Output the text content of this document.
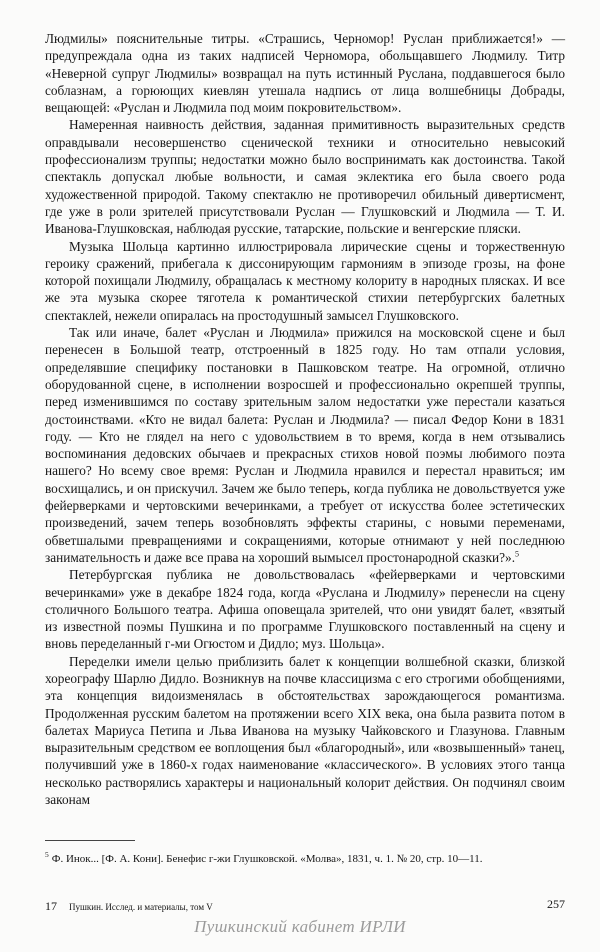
Людмилы» пояснительные титры. «Страшись, Черномор! Руслан приближается!» — предупреждала одна из таких надписей Черномора, обольщавшего Людмилу. Титр «Неверной супруг Людмилы» возвращал на путь истинный Руслана, поддавшегося было соблазнам, а горюющих киевлян утешала надпись от лица волшебницы Добрады, вещающей: «Руслан и Людмила под моим покровительством».

Намеренная наивность действия, заданная примитивность выразительных средств оправдывали несовершенство сценической техники и относительно невысокий профессионализм труппы; недостатки можно было воспринимать как достоинства. Такой спектакль допускал любые вольности, и самая эклектика его была своего рода художественной природой. Такому спектаклю не противоречил обильный дивертисмент, где уже в роли зрителей присутствовали Руслан — Глушковский и Людмила — Т. И. Иванова-Глушковская, наблюдая русские, татарские, польские и венгерские пляски.

Музыка Шольца картинно иллюстрировала лирические сцены и торжественную героику сражений, прибегала к диссонирующим гармониям в эпизоде грозы, на фоне которой похищали Людмилу, обращалась к местному колориту в народных плясках. И все же эта музыка скорее тяготела к романтической стихии петербургских балетных спектаклей, нежели опиралась на простодушный замысел Глушковского.

Так или иначе, балет «Руслан и Людмила» прижился на московской сцене и был перенесен в Большой театр, отстроенный в 1825 году. Но там отпали условия, определявшие специфику постановки в Пашковском театре. На огромной, отлично оборудованной сцене, в исполнении возросшей и профессионально окрепшей труппы, перед изменившимся по составу зрительным залом недостатки уже перестали казаться достоинствами. «Кто не видал балета: Руслан и Людмила? — писал Федор Кони в 1831 году. — Кто не глядел на него с удовольствием в то время, когда в нем отзывались воспоминания дедовских обычаев и прекрасных стихов новой поэмы любимого поэта нашего? Но всему свое время: Руслан и Людмила нравился и перестал нравиться; им восхищались, и он прискучил. Зачем же было теперь, когда публика не довольствуется уже фейерверками и чертовскими вечеринками, а требует от искусства более эстетических произведений, зачем теперь возобновлять эффекты старины, с новыми переменами, обветшалыми превращениями и сокращениями, которые отнимают у ней последнюю занимательность и даже все права на хороший вымысел простонародной сказки?».$^5$

Петербургская публика не довольствовалась «фейерверками и чертовскими вечеринками» уже в декабре 1824 года, когда «Руслана и Людмилу» перенесли на сцену столичного Большого театра. Афиша оповещала зрителей, что они увидят балет, «взятый из известной поэмы Пушкина и по программе Глушковского поставленный на сцену и вновь переделанный г-ми Огюстом и Дидло; муз. Шольца».

Переделки имели целью приблизить балет к концепции волшебной сказки, близкой хореографу Шарлю Дидло. Возникнув на почве классицизма с его строгими обобщениями, эта концепция видоизменялась в обстоятельствах зарождающегося романтизма. Продолженная русским балетом на протяжении всего XIX века, она была развита потом в балетах Мариуса Петипа и Льва Иванова на музыку Чайковского и Глазунова. Главным выразительным средством ее воплощения был «благородный», или «возвышенный» танец, получивший уже в 1860-х годах наименование «классического». В условиях этого танца несколько растворялись характеры и национальный колорит действия. Он подчинял своим законам

$^5$ Ф. Инок... [Ф. А. Кони]. Бенефис г-жи Глушковской. «Молва», 1831, ч. 1. № 20, стр. 10—11.
17 Пушкин. Исслед. и материалы, том V	257
Пушкинский кабинет ИРЛИ
